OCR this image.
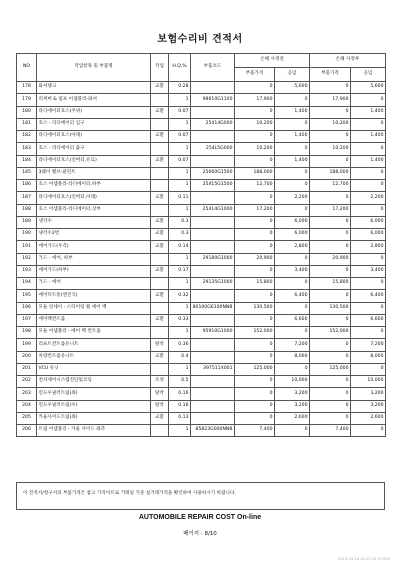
보험수리비 견적서
NO	작업항목 및 부품명	작업	H.Q.%	부품코드	손해 사정전		손해 사정후	
					부품가격	공임	부품가격	공임
178	와셔탱크	교환	0.28		0	5,600	0	5,600
179	리쩌버 & 펌프 어셈블리-와셔		1	98610G1100	17,900	0	17,900	0
180	라디에이터호스(주위)	교환	0.07		0	1,400	0	1,400
181	호스 - 라디에이터 입구		1	25414G000	10,200	0	10,200	0
182	라디에이터호스(아래)	교환	0.07		0	1,400	0	1,400
183	호스 - 라디에이터 출구		1	254L5G000	10,200	0	10,200	0
184	라디에이터호스(인버터,유료)	교환	0.07		0	1,400	0	1,400
185	3웨이 밸브-쿨런트		1	25660G1500	188,000	0	188,000	0
186	호스 어셈블리-라디에이터,하부		1	25415G1500	12,700	0	12,700	0
187	라디에이터호스(인버터,아래)	교환	0.11		0	2,200	0	2,200
188	호스 어셈블리-라디에이터,상부		1	25414G1000	17,200	0	17,200	0
189	냉각수	교환	0.3		0	6,000	0	6,000
190	냉각수2번	교환	0.3		0	6,000	0	6,000
191	에어가드(우측)	교환	0.14		0	2,800	0	2,800
192	가드 - 에어, 하부		1	29180G1000	20,900	0	20,900	0
193	에어가드(하부)	교환	0.17		0	3,400	0	3,400
194	가드 - 에어		1	29135G1000	15,800	0	15,800	0
195	에어덕트통(엔진식)	교환	0.32		0	6,400	0	6,400
196	모듈 앗세이 - 스티어링 휠 에어 백		1	80100G6100NNB	130,500	0	130,500	0
197	에어백컨트롤	교환	0.33		0	6,600	0	6,600
198	모듈 어셈블리 - 에어 백 컨트롤		1	95910G1000	152,000	0	152,000	0
199	리프트컨트롤유니트	탈착	0.36		0	7,200	0	7,200
200	차량컨트롤유니트	교환	0.4		0	8,000	0	8,000
201	VCU 유닛		1	397511X001	125,000	0	125,000	0
202	전자제어시스템진단및코딩	조정	0.5		0	10,000	0	10,000
203	윈도우필러트림(좌)	탈착	0.16		0	3,200	0	3,200
204	윈도우필러트림(우)	탈착	0.16		0	3,200	0	3,200
205	카울사이드트림(좌)	교환	0.13		0	2,600	0	2,600
206	트림 어셈블리 - 카울 사이드 좌측		1	85823G000NNB	7,400	0	7,400	0
이 견적서/청구서의 부품가격은 참고 가격이므로 거래일 기준 실거래가격을 확인하여 사용하시기 바랍니다.
AUTOMOBILE REPAIR COST On-line
페이지 : 8/10
2019-04-18 14:22:35 97.000
